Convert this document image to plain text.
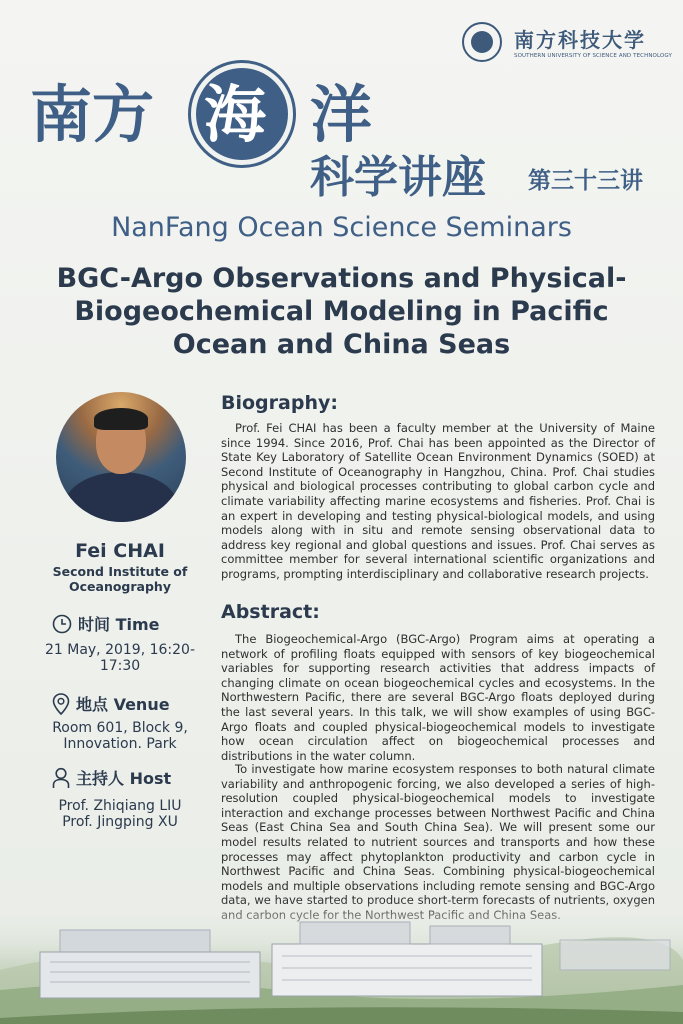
南方科技大学
SOUTHERN UNIVERSITY OF SCIENCE AND TECHNOLOGY
南方 海 洋
科学讲座 第三十三讲
NanFang Ocean Science Seminars
BGC-Argo Observations and Physical-Biogeochemical Modeling in Pacific Ocean and China Seas
Fei CHAI
Second Institute of Oceanography
时间 Time
21 May, 2019, 16:20-17:30
地点 Venue
Room 601, Block 9, Innovation. Park
主持人 Host
Prof. Zhiqiang LIU
Prof. Jingping XU
Biography:

Prof. Fei CHAI has been a faculty member at the University of Maine since 1994. Since 2016, Prof. Chai has been appointed as the Director of State Key Laboratory of Satellite Ocean Environment Dynamics (SOED) at Second Institute of Oceanography in Hangzhou, China. Prof. Chai studies physical and biological processes contributing to global carbon cycle and climate variability affecting marine ecosystems and fisheries. Prof. Chai is an expert in developing and testing physical-biological models, and using models along with in situ and remote sensing observational data to address key regional and global questions and issues. Prof. Chai serves as committee member for several international scientific organizations and programs, prompting interdisciplinary and collaborative research projects.

Abstract:

The Biogeochemical-Argo (BGC-Argo) Program aims at operating a network of profiling floats equipped with sensors of key biogeochemical variables for supporting research activities that address impacts of changing climate on ocean biogeochemical cycles and ecosystems. In the Northwestern Pacific, there are several BGC-Argo floats deployed during the last several years. In this talk, we will show examples of using BGC-Argo floats and coupled physical-biogeochemical models to investigate how ocean circulation affect on biogeochemical processes and distributions in the water column.

To investigate how marine ecosystem responses to both natural climate variability and anthropogenic forcing, we also developed a series of high-resolution coupled physical-biogeochemical models to investigate interaction and exchange processes between Northwest Pacific and China Seas (East China Sea and South China Sea). We will present some our model results related to nutrient sources and transports and how these processes may affect phytoplankton productivity and carbon cycle in Northwest Pacific and China Seas. Combining physical-biogeochemical models and multiple observations including remote sensing and BGC-Argo
